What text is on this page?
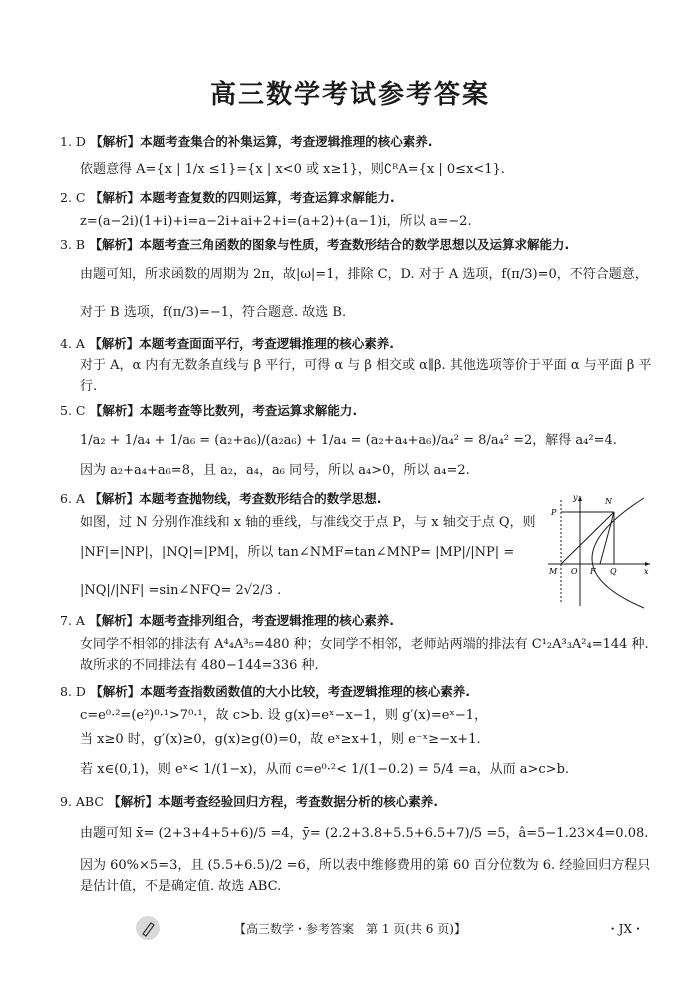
高三数学考试参考答案
1. D 【解析】本题考查集合的补集运算，考查逻辑推理的核心素养.
依题意得 A={x | 1/x ≤1}={x | x<0 或 x≥1}，则∁ᴿA={x | 0≤x<1}.
2. C 【解析】本题考查复数的四则运算，考查运算求解能力.
z=(a−2i)(1+i)+i=a−2i+ai+2+i=(a+2)+(a−1)i，所以 a=−2.
3. B 【解析】本题考查三角函数的图象与性质，考查数形结合的数学思想以及运算求解能力.
由题可知，所求函数的周期为 2π，故|ω|=1，排除 C，D. 对于 A 选项，f(π/3)=0，不符合题意，
对于 B 选项，f(π/3)=−1，符合题意. 故选 B.
4. A 【解析】本题考查面面平行，考查逻辑推理的核心素养.
对于 A，α 内有无数条直线与 β 平行，可得 α 与 β 相交或 α∥β. 其他选项等价于平面 α 与平面 β 平行.
5. C 【解析】本题考查等比数列，考查运算求解能力.
1/a₂ + 1/a₄ + 1/a₆ = (a₂+a₆)/(a₂a₆) + 1/a₄ = (a₂+a₄+a₆)/a₄² = 8/a₄² =2，解得 a₄²=4.
因为 a₂+a₄+a₆=8，且 a₂，a₄，a₆ 同号，所以 a₄>0，所以 a₄=2.
6. A 【解析】本题考查抛物线，考查数形结合的数学思想.
如图，过 N 分别作准线和 x 轴的垂线，与准线交于点 P，与 x 轴交于点 Q，则
|NF|=|NP|，|NQ|=|PM|，所以 tan∠NMF=tan∠MNP= |MP|/|NP| =
|NQ|/|NF| =sin∠NFQ= 2√2/3 .
y	N
P
M O F Q	x
7. A 【解析】本题考查排列组合，考查逻辑推理的核心素养.
女同学不相邻的排法有 A⁴₄A³₅=480 种；女同学不相邻，老师站两端的排法有 C¹₂A³₃A²₄=144 种. 故所求的不同排法有 480−144=336 种.
8. D 【解析】本题考查指数函数值的大小比较，考查逻辑推理的核心素养.
c=e⁰·²=(e²)⁰·¹>7⁰·¹，故 c>b. 设 g(x)=eˣ−x−1，则 g′(x)=eˣ−1，
当 x≥0 时，g′(x)≥0，g(x)≥g(0)=0，故 eˣ≥x+1，则 e⁻ˣ≥−x+1.
若 x∈(0,1)，则 eˣ< 1/(1−x)，从而 c=e⁰·²< 1/(1−0.2) = 5/4 =a，从而 a>c>b.
9. ABC 【解析】本题考查经验回归方程，考查数据分析的核心素养.
由题可知 x̄= (2+3+4+5+6)/5 =4，ȳ= (2.2+3.8+5.5+6.5+7)/5 =5，â=5−1.23×4=0.08.
因为 60%×5=3，且 (5.5+6.5)/2 =6，所以表中维修费用的第 60 百分位数为 6. 经验回归方程只是估计值，不是确定值. 故选 ABC.
【高三数学・参考答案　第 1 页(共 6 页)】	・JX・
